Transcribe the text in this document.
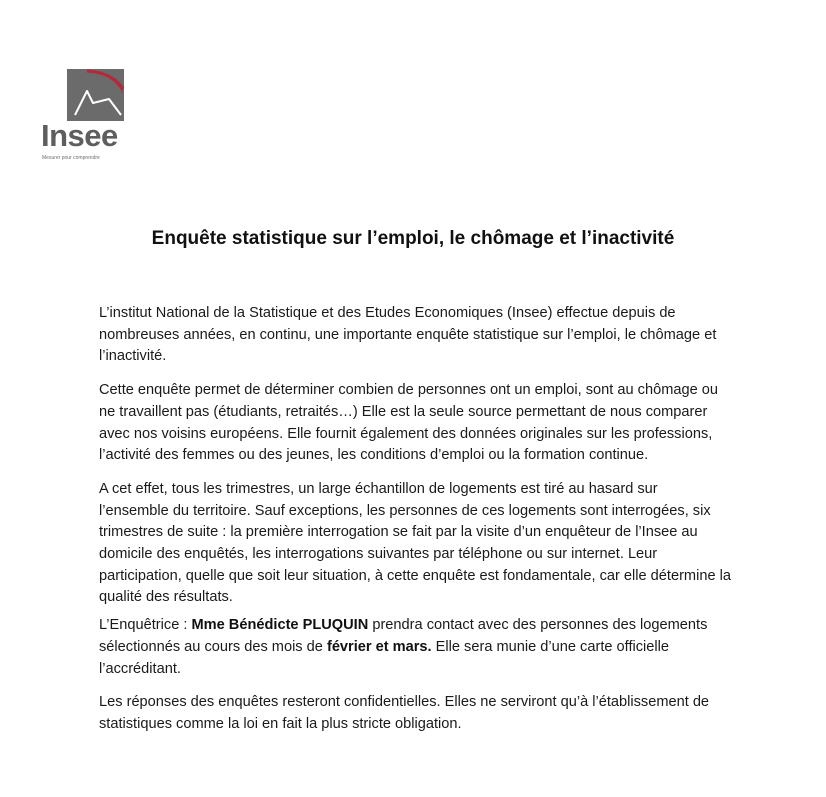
Insee
Mesurer pour comprendre
Enquête statistique sur l’emploi, le chômage et l’inactivité

L’institut National de la Statistique et des Etudes Economiques (Insee) effectue depuis de nombreuses années, en continu, une importante enquête statistique sur l’emploi, le chômage et l’inactivité.

Cette enquête permet de déterminer combien de personnes ont un emploi, sont au chômage ou ne travaillent pas (étudiants, retraités…) Elle est la seule source permettant de nous comparer avec nos voisins européens. Elle fournit également des données originales sur les professions, l’activité des femmes ou des jeunes, les conditions d’emploi ou la formation continue.

A cet effet, tous les trimestres, un large échantillon de logements est tiré au hasard sur l’ensemble du territoire. Sauf exceptions, les personnes de ces logements sont interrogées, six trimestres de suite : la première interrogation se fait par la visite d’un enquêteur de l’Insee au domicile des enquêtés, les interrogations suivantes par téléphone ou sur internet. Leur participation, quelle que soit leur situation, à cette enquête est fondamentale, car elle détermine la qualité des résultats.

L’Enquêtrice : Mme Bénédicte PLUQUIN prendra contact avec des personnes des logements sélectionnés au cours des mois de février et mars. Elle sera munie d’une carte officielle l’accréditant.

Les réponses des enquêtes resteront confidentielles. Elles ne serviront qu’à l’établissement de statistiques comme la loi en fait la plus stricte obligation.
